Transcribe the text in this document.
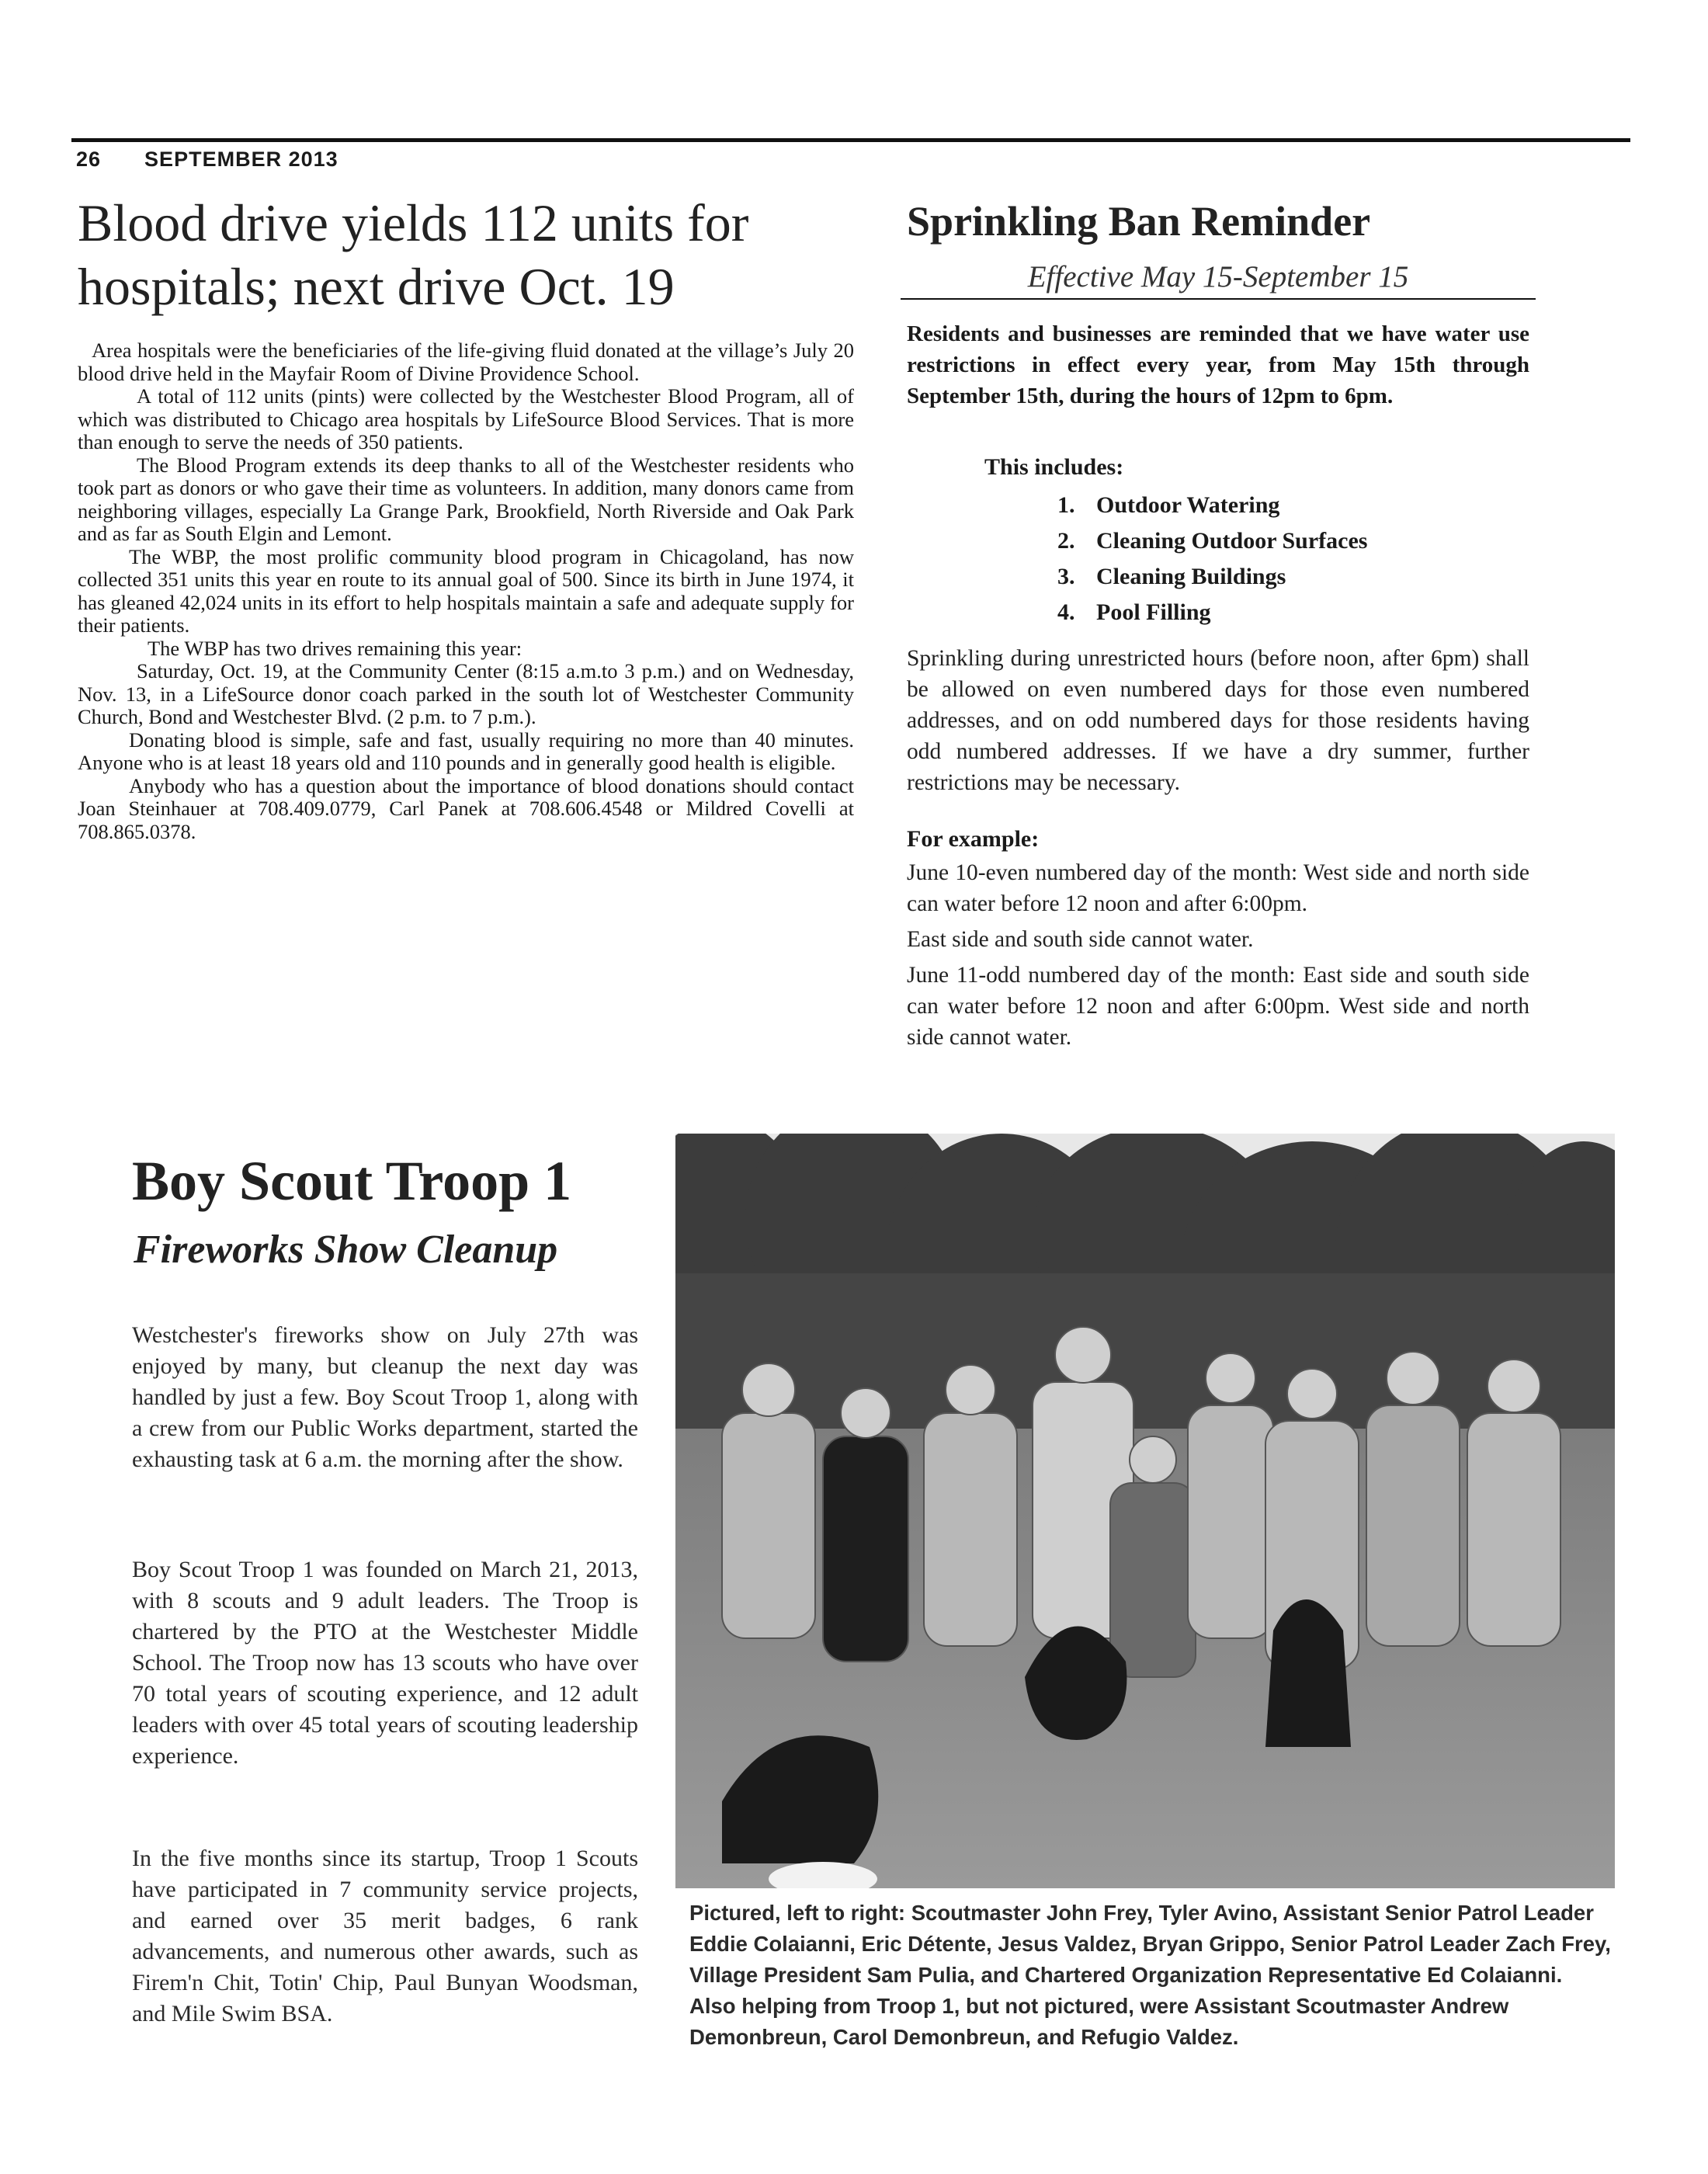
26 SEPTEMBER 2013
Blood drive yields 112 units for hospitals; next drive Oct. 19

Area hospitals were the beneficiaries of the life-giving fluid donated at the village’s July 20 blood drive held in the Mayfair Room of Divine Providence School.

A total of 112 units (pints) were collected by the Westchester Blood Program, all of which was distributed to Chicago area hospitals by LifeSource Blood Services. That is more than enough to serve the needs of 350 patients.

The Blood Program extends its deep thanks to all of the Westchester residents who took part as donors or who gave their time as volunteers. In addition, many donors came from neighboring villages, especially La Grange Park, Brookfield, North Riverside and Oak Park and as far as South Elgin and Lemont.

The WBP, the most prolific community blood program in Chicagoland, has now collected 351 units this year en route to its annual goal of 500. Since its birth in June 1974, it has gleaned 42,024 units in its effort to help hospitals maintain a safe and adequate supply for their patients.

The WBP has two drives remaining this year:

Saturday, Oct. 19, at the Community Center (8:15 a.m.to 3 p.m.) and on Wednesday, Nov. 13, in a LifeSource donor coach parked in the south lot of Westchester Community Church, Bond and Westchester Blvd. (2 p.m. to 7 p.m.).

Donating blood is simple, safe and fast, usually requiring no more than 40 minutes. Anyone who is at least 18 years old and 110 pounds and in generally good health is eligible.

Anybody who has a question about the importance of blood donations should contact Joan Steinhauer at 708.409.0779, Carl Panek at 708.606.4548 or Mildred Covelli at 708.865.0378.

Sprinkling Ban Reminder
Effective May 15-September 15
Residents and businesses are reminded that we have water use restrictions in effect every year, from May 15th through September 15th, during the hours of 12pm to 6pm.
This includes:
1. Outdoor Watering
2. Cleaning Outdoor Surfaces
3. Cleaning Buildings
4. Pool Filling
Sprinkling during unrestricted hours (before noon, after 6pm) shall be allowed on even numbered days for those even numbered addresses, and on odd numbered days for those residents having odd numbered addresses. If we have a dry summer, further restrictions may be necessary.
For example:

June 10-even numbered day of the month: West side and north side can water before 12 noon and after 6:00pm.

East side and south side cannot water.

June 11-odd numbered day of the month: East side and south side can water before 12 noon and after 6:00pm. West side and north side cannot water.

Boy Scout Troop 1
Fireworks Show Cleanup
Westchester's fireworks show on July 27th was enjoyed by many, but cleanup the next day was handled by just a few. Boy Scout Troop 1, along with a crew from our Public Works department, started the exhausting task at 6 a.m. the morning after the show.
Boy Scout Troop 1 was founded on March 21, 2013, with 8 scouts and 9 adult leaders. The Troop is chartered by the PTO at the Westchester Middle School. The Troop now has 13 scouts who have over 70 total years of scouting experience, and 12 adult leaders with over 45 total years of scouting leadership experience.
In the five months since its startup, Troop 1 Scouts have participated in 7 community service projects, and earned over 35 merit badges, 6 rank advancements, and numerous other awards, such as Firem'n Chit, Totin' Chip, Paul Bunyan Woodsman, and Mile Swim BSA.
Pictured, left to right: Scoutmaster John Frey, Tyler Avino, Assistant Senior Patrol Leader Eddie Colaianni, Eric Détente, Jesus Valdez, Bryan Grippo, Senior Patrol Leader Zach Frey, Village President Sam Pulia, and Chartered Organization Representative Ed Colaianni. Also helping from Troop 1, but not pictured, were Assistant Scoutmaster Andrew Demonbreun, Carol Demonbreun, and Refugio Valdez.
